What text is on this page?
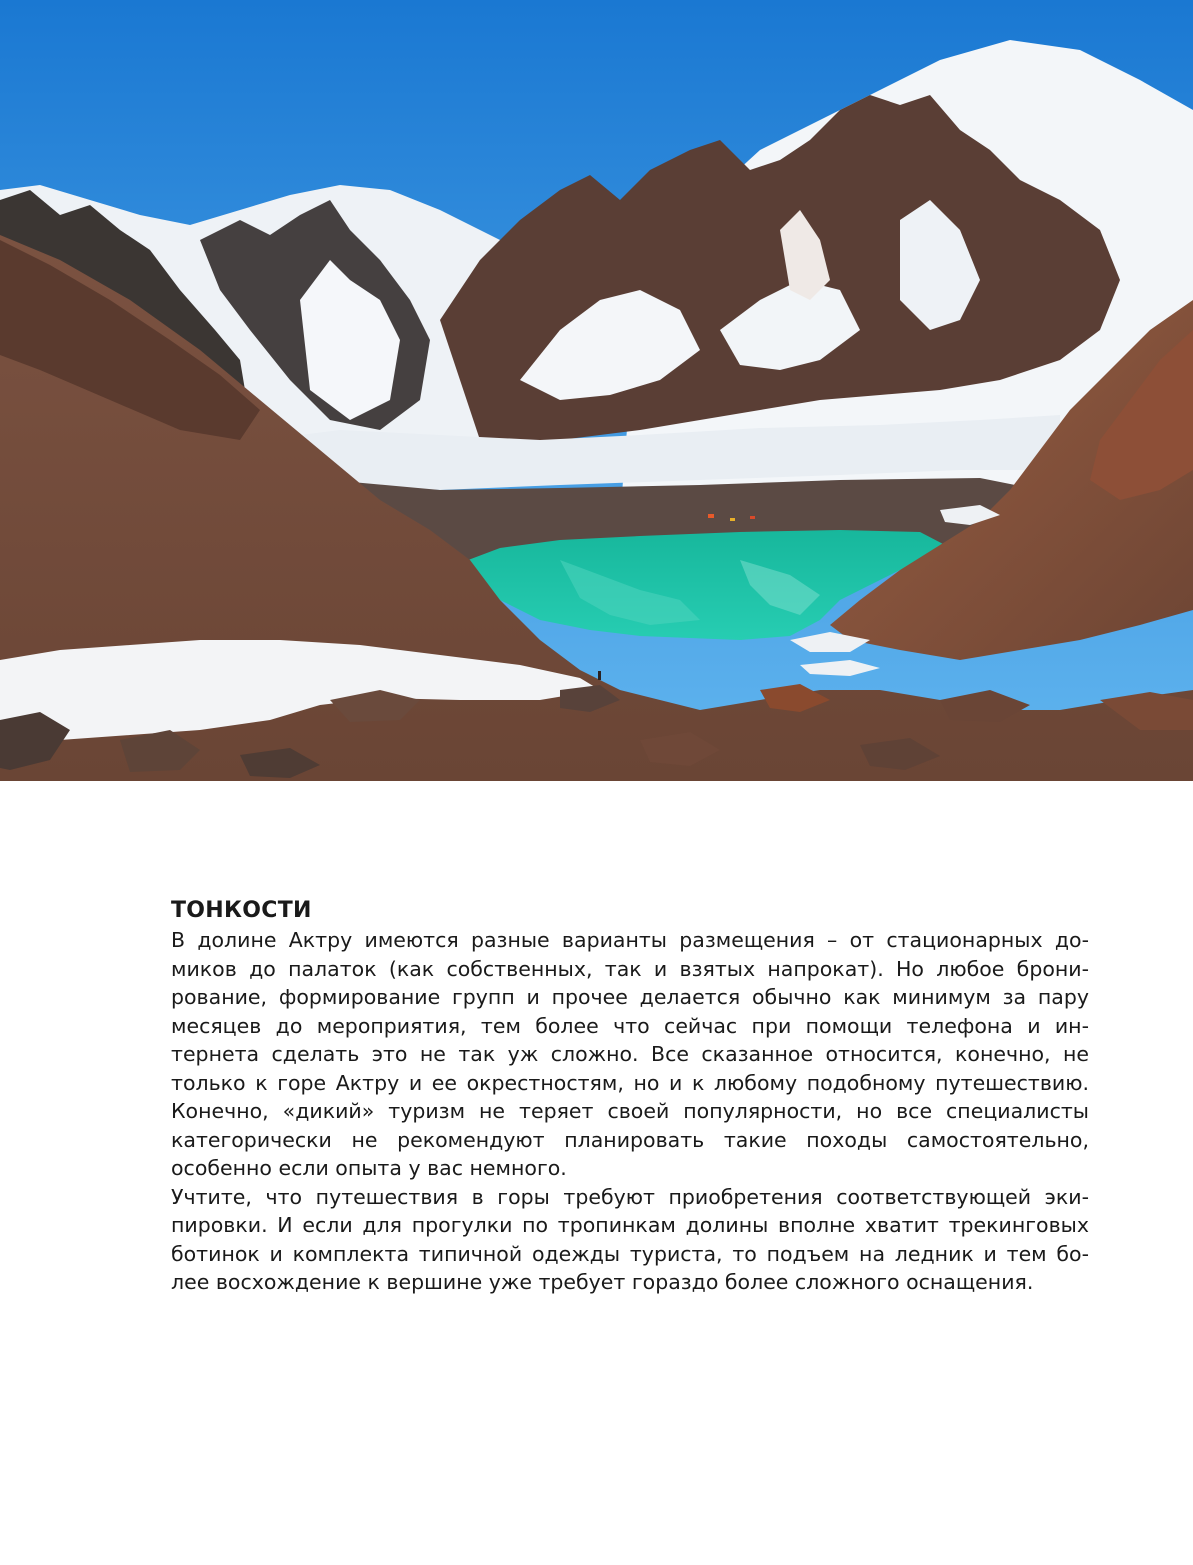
ТОНКОСТИ
В долине Актру имеются разные варианты размещения – от стационарных до-
миков до палаток (как собственных, так и взятых напрокат). Но любое брони-
рование, формирование групп и прочее делается обычно как минимум за пару
месяцев до мероприятия, тем более что сейчас при помощи телефона и ин-
тернета сделать это не так уж сложно. Все сказанное относится, конечно, не
только к горе Актру и ее окрестностям, но и к любому подобному путешествию.
Конечно, «дикий» туризм не теряет своей популярности, но все специалисты
категорически не рекомендуют планировать такие походы самостоятельно,
особенно если опыта у вас немного.
Учтите, что путешествия в горы требуют приобретения соответствующей эки-
пировки. И если для прогулки по тропинкам долины вполне хватит трекинговых
ботинок и комплекта типичной одежды туриста, то подъем на ледник и тем бо-
лее восхождение к вершине уже требует гораздо более сложного оснащения.
